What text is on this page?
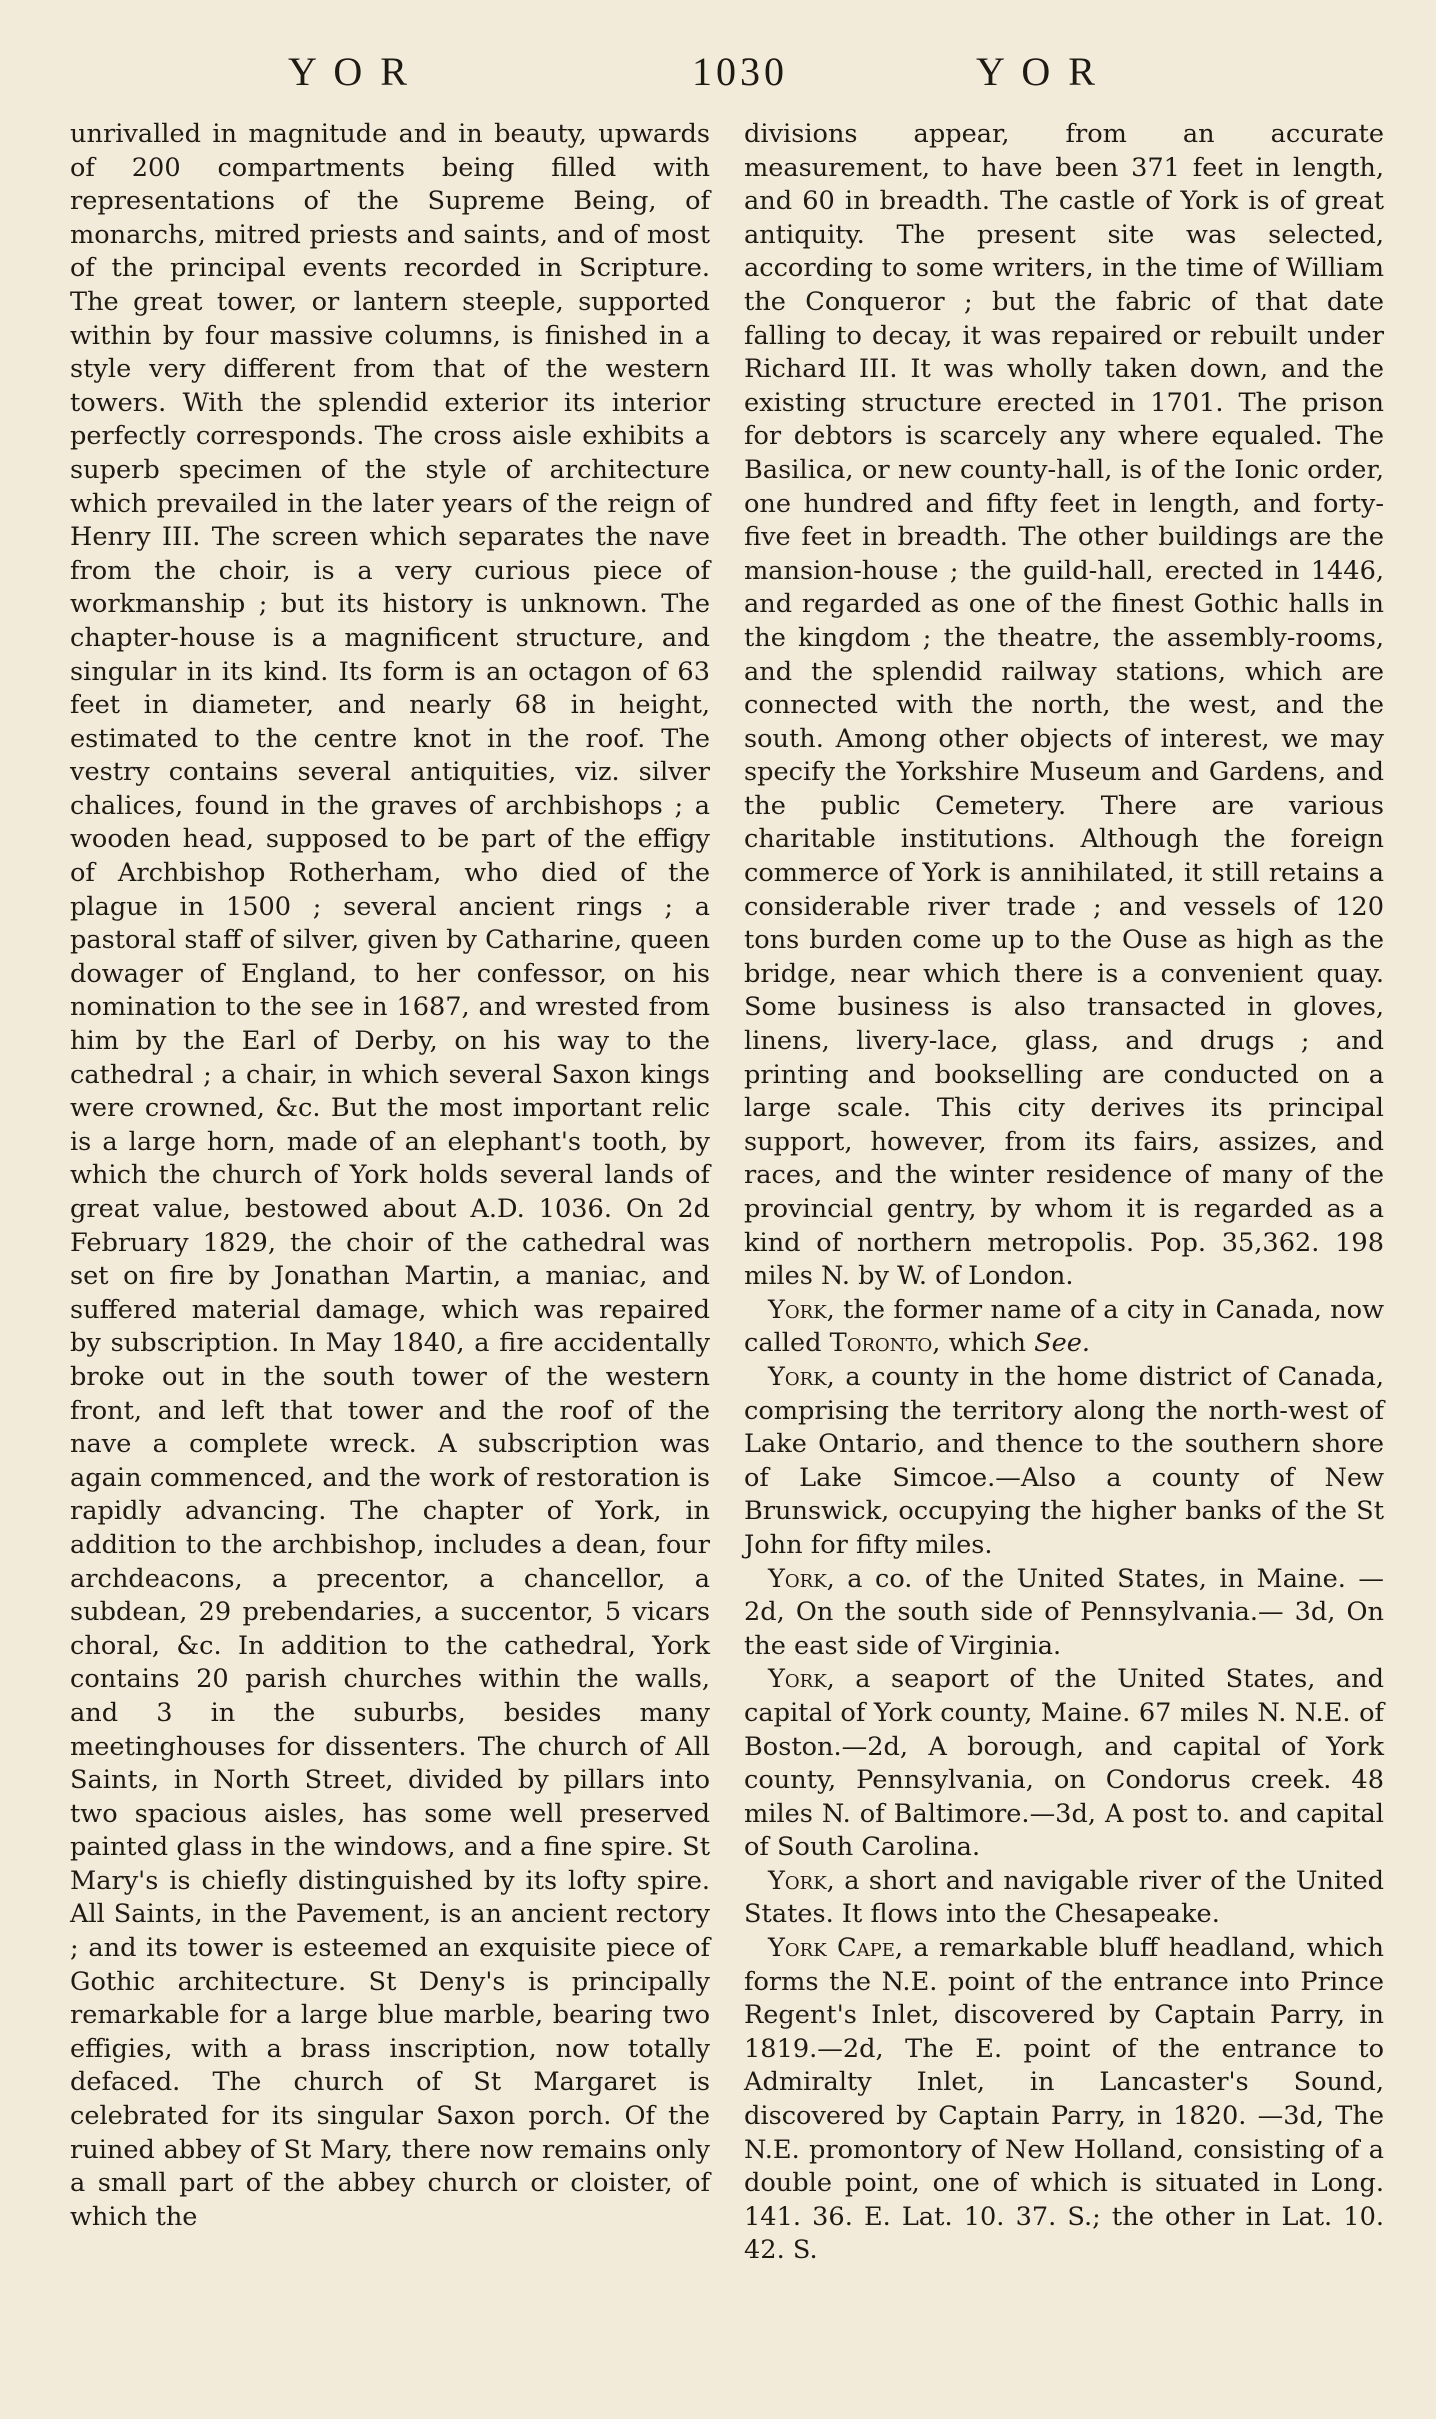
Y O R	1030	Y O R

unrivalled in magnitude and in beauty, upwards of 200 compartments being filled with representations of the Supreme Being, of monarchs, mitred priests and saints, and of most of the principal events recorded in Scripture. The great tower, or lantern steeple, supported within by four massive columns, is finished in a style very different from that of the western towers. With the splendid exterior its interior perfectly corresponds. The cross aisle exhibits a superb specimen of the style of architecture which prevailed in the later years of the reign of Henry III. The screen which separates the nave from the choir, is a very curious piece of workmanship ; but its history is unknown. The chapter-house is a magnificent structure, and singular in its kind. Its form is an octagon of 63 feet in diameter, and nearly 68 in height, estimated to the centre knot in the roof. The vestry contains several antiquities, viz. silver chalices, found in the graves of archbishops ; a wooden head, supposed to be part of the effigy of Archbishop Rotherham, who died of the plague in 1500 ; several ancient rings ; a pastoral staff of silver, given by Catharine, queen dowager of England, to her confessor, on his nomination to the see in 1687, and wrested from him by the Earl of Derby, on his way to the cathedral ; a chair, in which several Saxon kings were crowned, &c. But the most important relic is a large horn, made of an elephant's tooth, by which the church of York holds several lands of great value, bestowed about A.D. 1036. On 2d February 1829, the choir of the cathedral was set on fire by Jonathan Martin, a maniac, and suffered material damage, which was repaired by subscription. In May 1840, a fire accidentally broke out in the south tower of the western front, and left that tower and the roof of the nave a complete wreck. A subscription was again commenced, and the work of restoration is rapidly advancing. The chapter of York, in addition to the archbishop, includes a dean, four archdeacons, a precentor, a chancellor, a subdean, 29 prebendaries, a succentor, 5 vicars choral, &c. In addition to the cathedral, York contains 20 parish churches within the walls, and 3 in the suburbs, besides many meetinghouses for dissenters. The church of All Saints, in North Street, divided by pillars into two spacious aisles, has some well preserved painted glass in the windows, and a fine spire. St Mary's is chiefly distinguished by its lofty spire. All Saints, in the Pavement, is an ancient rectory ; and its tower is esteemed an exquisite piece of Gothic architecture. St Deny's is principally remarkable for a large blue marble, bearing two effigies, with a brass inscription, now totally defaced. The church of St Margaret is celebrated for its singular Saxon porch. Of the ruined abbey of St Mary, there now remains only a small part of the abbey church or cloister, of which the

divisions appear, from an accurate measurement, to have been 371 feet in length, and 60 in breadth. The castle of York is of great antiquity. The present site was selected, according to some writers, in the time of William the Conqueror ; but the fabric of that date falling to decay, it was repaired or rebuilt under Richard III. It was wholly taken down, and the existing structure erected in 1701. The prison for debtors is scarcely any where equaled. The Basilica, or new county-hall, is of the Ionic order, one hundred and fifty feet in length, and forty-five feet in breadth. The other buildings are the mansion-house ; the guild-hall, erected in 1446, and regarded as one of the finest Gothic halls in the kingdom ; the theatre, the assembly-rooms, and the splendid railway stations, which are connected with the north, the west, and the south. Among other objects of interest, we may specify the Yorkshire Museum and Gardens, and the public Cemetery. There are various charitable institutions. Although the foreign commerce of York is annihilated, it still retains a considerable river trade ; and vessels of 120 tons burden come up to the Ouse as high as the bridge, near which there is a convenient quay. Some business is also transacted in gloves, linens, livery-lace, glass, and drugs ; and printing and bookselling are conducted on a large scale. This city derives its principal support, however, from its fairs, assizes, and races, and the winter residence of many of the provincial gentry, by whom it is regarded as a kind of northern metropolis. Pop. 35,362. 198 miles N. by W. of London.

York, the former name of a city in Canada, now called Toronto, which See.

York, a county in the home district of Canada, comprising the territory along the north-west of Lake Ontario, and thence to the southern shore of Lake Simcoe.—Also a county of New Brunswick, occupying the higher banks of the St John for fifty miles.

York, a co. of the United States, in Maine. —2d, On the south side of Pennsylvania.— 3d, On the east side of Virginia.

York, a seaport of the United States, and capital of York county, Maine. 67 miles N. N.E. of Boston.—2d, A borough, and capital of York county, Pennsylvania, on Condorus creek. 48 miles N. of Baltimore.—3d, A post to. and capital of South Carolina.

York, a short and navigable river of the United States. It flows into the Chesapeake.

York Cape, a remarkable bluff headland, which forms the N.E. point of the entrance into Prince Regent's Inlet, discovered by Captain Parry, in 1819.—2d, The E. point of the entrance to Admiralty Inlet, in Lancaster's Sound, discovered by Captain Parry, in 1820. —3d, The N.E. promontory of New Holland, consisting of a double point, one of which is situated in Long. 141. 36. E. Lat. 10. 37. S.; the other in Lat. 10. 42. S.
